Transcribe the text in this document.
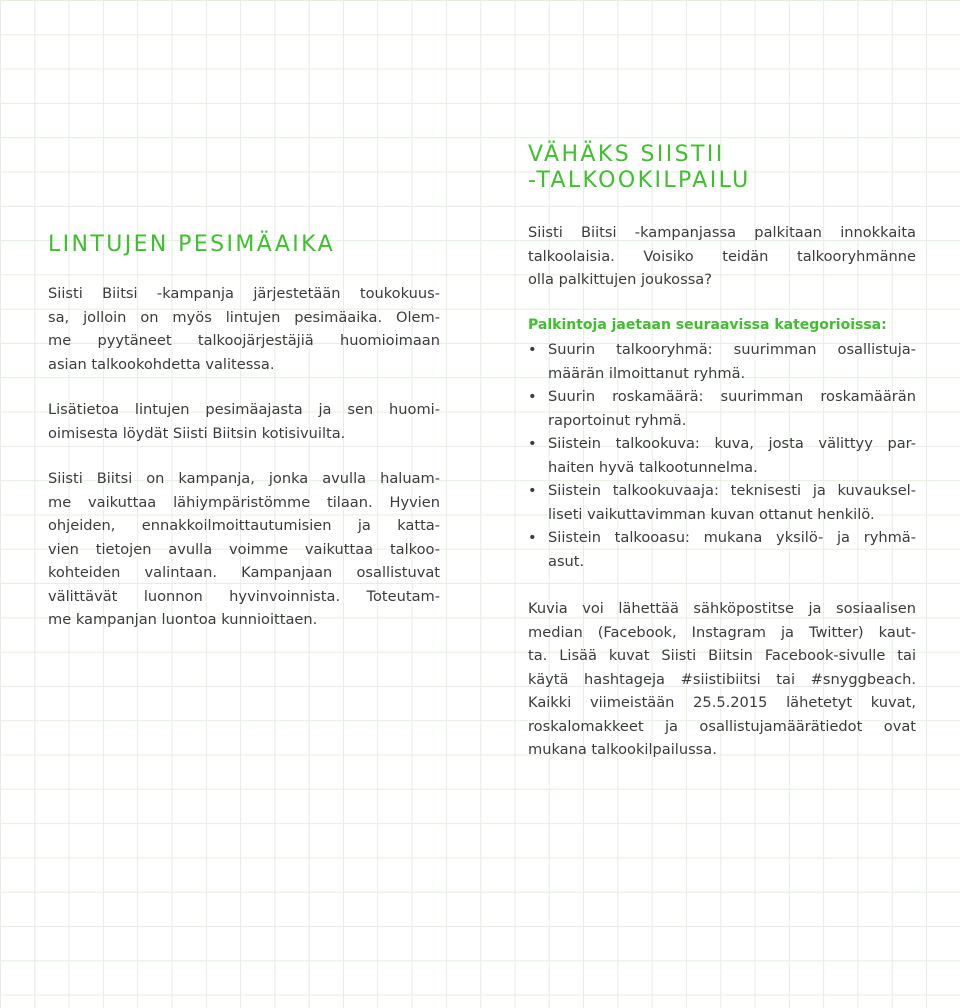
LINTUJEN PESIMÄAIKA

Siisti Biitsi -kampanja järjestetään toukokuus-
sa, jolloin on myös lintujen pesimäaika. Olem-
me pyytäneet talkoojärjestäjiä huomioimaan
asian talkookohdetta valitessa.

Lisätietoa lintujen pesimäajasta ja sen huomi-
oimisesta löydät Siisti Biitsin kotisivuilta.

Siisti Biitsi on kampanja, jonka avulla haluam-
me vaikuttaa lähiympäristömme tilaan. Hyvien
ohjeiden, ennakkoilmoittautumisien ja katta-
vien tietojen avulla voimme vaikuttaa talkoo-
kohteiden valintaan. Kampanjaan osallistuvat
välittävät luonnon hyvinvoinnista. Toteutam-
me kampanjan luontoa kunnioittaen.

VÄHÄKS SIISTII
-TALKOOKILPAILU

Siisti Biitsi -kampanjassa palkitaan innokkaita
talkoolaisia. Voisiko teidän talkooryhmänne
olla palkittujen joukossa?

Palkintoja jaetaan seuraavissa kategorioissa:
• Suurin talkooryhmä: suurimman osallistuja-
määrän ilmoittanut ryhmä.
• Suurin roskamäärä: suurimman roskamäärän
raportoinut ryhmä.
• Siistein talkookuva: kuva, josta välittyy par-
haiten hyvä talkootunnelma.
• Siistein talkookuvaaja: teknisesti ja kuvauksel-
liseti vaikuttavimman kuvan ottanut henkilö.
• Siistein talkooasu: mukana yksilö- ja ryhmä-
asut.

Kuvia voi lähettää sähköpostitse ja sosiaalisen
median (Facebook, Instagram ja Twitter) kaut-
ta. Lisää kuvat Siisti Biitsin Facebook-sivulle tai
käytä hashtageja #siistibiitsi tai #snyggbeach.
Kaikki viimeistään 25.5.2015 lähetetyt kuvat,
roskalomakkeet ja osallistujamäärätiedot ovat
mukana talkookilpailussa.
